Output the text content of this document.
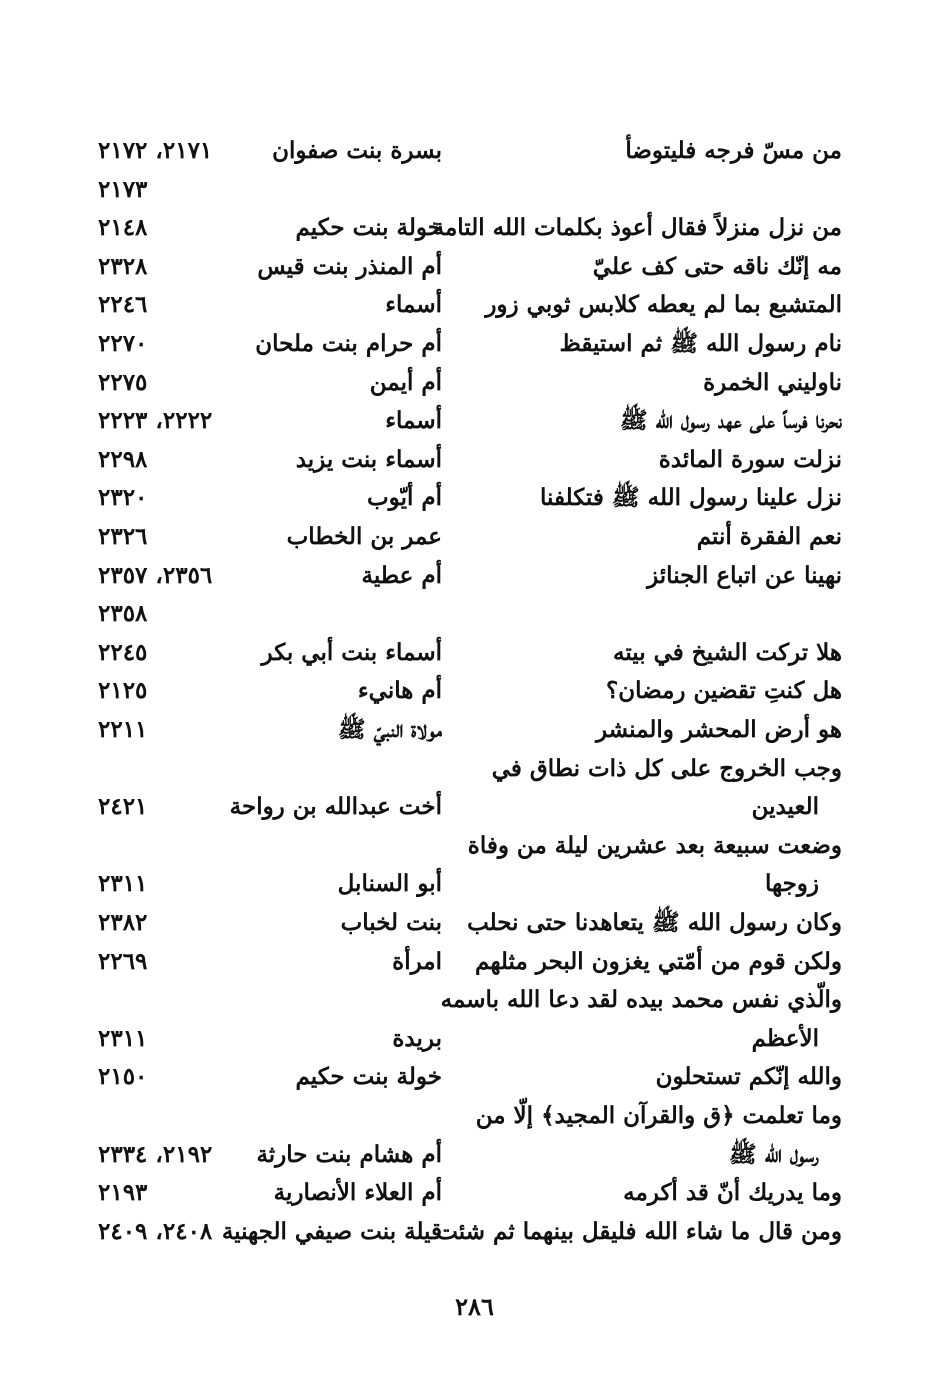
من مسّ فرجه فليتوضأ
بسرة بنت صفوان
٢١٧١، ٢١٧٢
٢١٧٣
من نزل منزلاً فقال أعوذ بكلمات الله التامة
خولة بنت حكيم
٢١٤٨
مه إنّك ناقه حتى كف عليّ
أم المنذر بنت قيس
٢٣٢٨
المتشبع بما لم يعطه كلابس ثوبي زور
أسماء
٢٢٤٦
نام رسول الله ﷺ ثم استيقظ
أم حرام بنت ملحان
٢٢٧٠
ناوليني الخمرة
أم أيمن
٢٢٧٥
نحرنا فرساً على عهد رسول الله ﷺ
أسماء
٢٢٢٢، ٢٢٢٣
نزلت سورة المائدة
أسماء بنت يزيد
٢٢٩٨
نزل علينا رسول الله ﷺ فتكلفنا
أم أيّوب
٢٣٢٠
نعم الفقرة أنتم
عمر بن الخطاب
٢٣٢٦
نهينا عن اتباع الجنائز
أم عطية
٢٣٥٦، ٢٣٥٧
٢٣٥٨
هلا تركت الشيخ في بيته
أسماء بنت أبي بكر
٢٢٤٥
هل كنتِ تقضين رمضان؟
أم هانيء
٢١٢٥
هو أرض المحشر والمنشر
مولاة النبيّ ﷺ
٢٢١١
وجب الخروج على كل ذات نطاق في
العيدين
أخت عبدالله بن رواحة
٢٤٢١
وضعت سبيعة بعد عشرين ليلة من وفاة
زوجها
أبو السنابل
٢٣١١
وكان رسول الله ﷺ يتعاهدنا حتى نحلب
بنت لخباب
٢٣٨٢
ولكن قوم من أمّتي يغزون البحر مثلهم
امرأة
٢٢٦٩
والّذي نفس محمد بيده لقد دعا الله باسمه
الأعظم
بريدة
٢٣١١
والله إنّكم تستحلون
خولة بنت حكيم
٢١٥٠
وما تعلمت ﴿ق والقرآن المجيد﴾ إلّا من
رسول الله ﷺ
أم هشام بنت حارثة
٢١٩٢، ٢٣٣٤
وما يدريك أنّ قد أكرمه
أم العلاء الأنصارية
٢١٩٣
ومن قال ما شاء الله فليقل بينهما ثم شئت
قيلة بنت صيفي الجهنية
٢٤٠٨، ٢٤٠٩
٢٨٦
